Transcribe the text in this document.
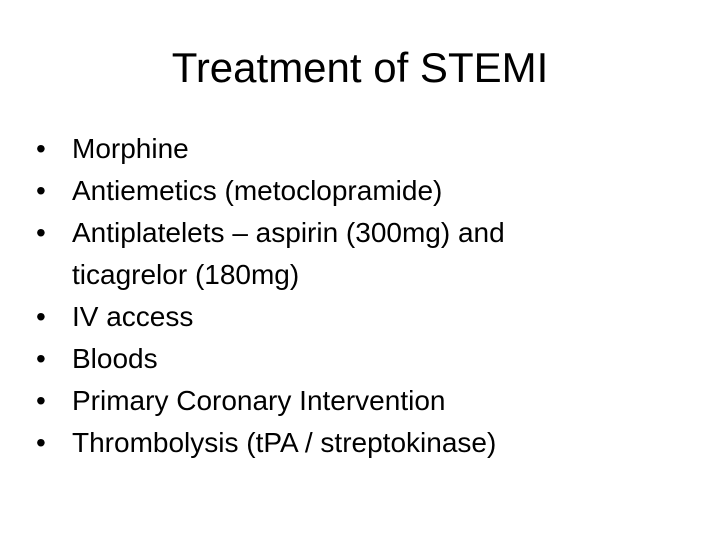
Treatment of STEMI
• Morphine
• Antiemetics (metoclopramide)
• Antiplatelets – aspirin (300mg) and ticagrelor (180mg)
• IV access
• Bloods
• Primary Coronary Intervention
• Thrombolysis (tPA / streptokinase)
